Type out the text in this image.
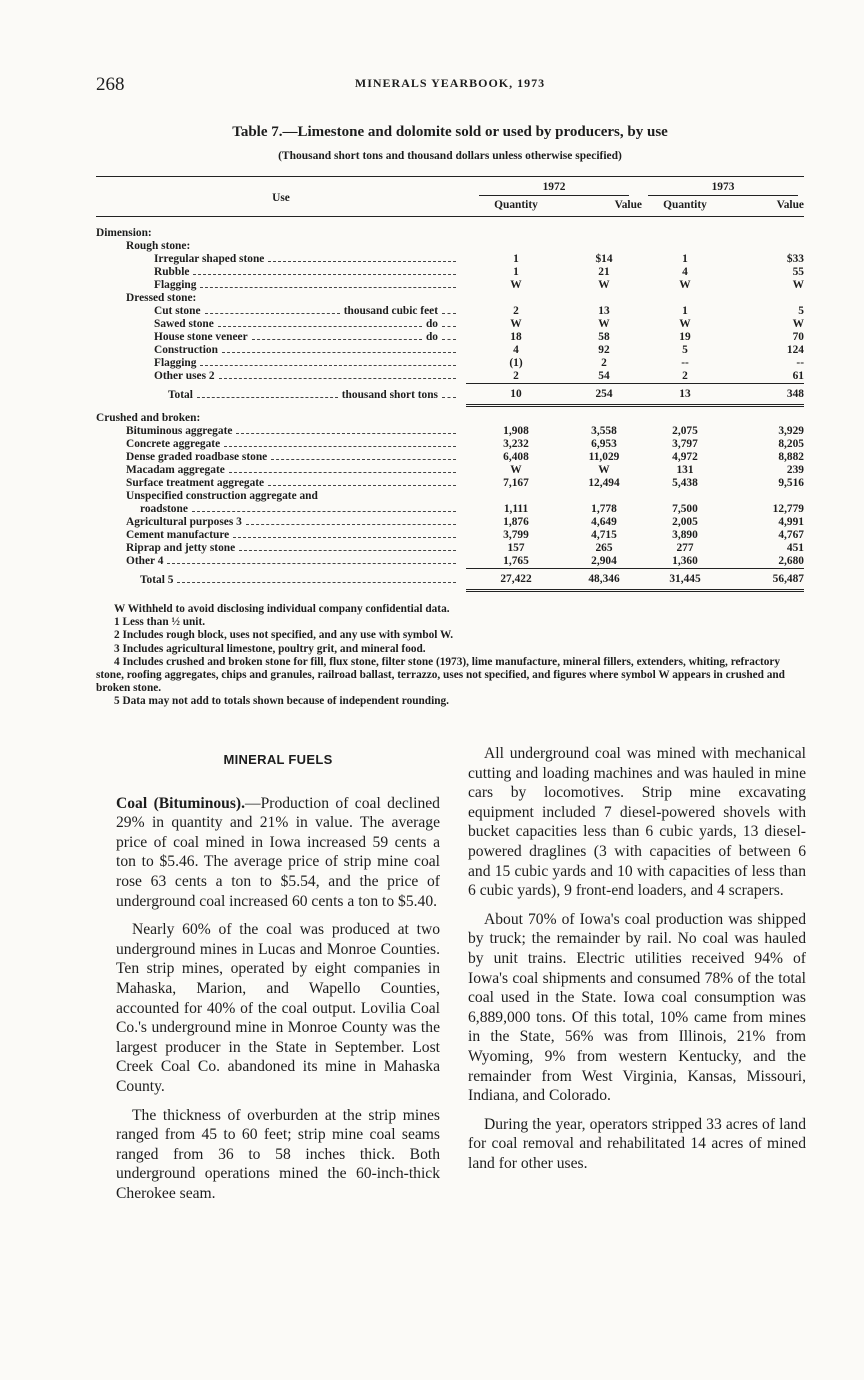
268	MINERALS YEARBOOK, 1973
Table 7.—Limestone and dolomite sold or used by producers, by use
(Thousand short tons and thousand dollars unless otherwise specified)
Use	1972		1973	
	Quantity	Value	Quantity	Value

Dimension:				
Rough stone:				

Irregular shaped stone	1	$14	1	$33

Rubble	1	21	4	55

Flagging	W	W	W	W
Dressed stone:				

Cut stone thousand cubic feet	2	13	1	5

Sawed stone do	W	W	W	W

House stone veneer do	18	58	19	70

Construction	4	92	5	124

Flagging	(1)	2	--	--

Other uses 2	2	54	2	61

Total thousand short tons	10	254	13	348

Crushed and broken:				

Bituminous aggregate	1,908	3,558	2,075	3,929

Concrete aggregate	3,232	6,953	3,797	8,205

Dense graded roadbase stone	6,408	11,029	4,972	8,882

Macadam aggregate	W	W	131	239

Surface treatment aggregate	7,167	12,494	5,438	9,516
Unspecified construction aggregate and				

roadstone	1,111	1,778	7,500	12,779

Agricultural purposes 3	1,876	4,649	2,005	4,991

Cement manufacture	3,799	4,715	3,890	4,767

Riprap and jetty stone	157	265	277	451

Other 4	1,765	2,904	1,360	2,680

Total 5	27,422	48,346	31,445	56,487

W Withheld to avoid disclosing individual company confidential data.

1 Less than ½ unit.

2 Includes rough block, uses not specified, and any use with symbol W.

3 Includes agricultural limestone, poultry grit, and mineral food.

4 Includes crushed and broken stone for fill, flux stone, filter stone (1973), lime manufacture, mineral fillers, extenders, whiting, refractory stone, roofing aggregates, chips and granules, railroad ballast, terrazzo, uses not specified, and figures where symbol W appears in crushed and broken stone.

5 Data may not add to totals shown because of independent rounding.

MINERAL FUELS

Coal (Bituminous).—Production of coal declined 29% in quantity and 21% in value. The average price of coal mined in Iowa increased 59 cents a ton to $5.46. The average price of strip mine coal rose 63 cents a ton to $5.54, and the price of underground coal increased 60 cents a ton to $5.40.

Nearly 60% of the coal was produced at two underground mines in Lucas and Monroe Counties. Ten strip mines, operated by eight companies in Mahaska, Marion, and Wapello Counties, accounted for 40% of the coal output. Lovilia Coal Co.'s underground mine in Monroe County was the largest producer in the State in September. Lost Creek Coal Co. abandoned its mine in Mahaska County.

The thickness of overburden at the strip mines ranged from 45 to 60 feet; strip mine coal seams ranged from 36 to 58 inches thick. Both underground operations mined the 60-inch-thick Cherokee seam.

All underground coal was mined with mechanical cutting and loading machines and was hauled in mine cars by locomotives. Strip mine excavating equipment included 7 diesel-powered shovels with bucket capacities less than 6 cubic yards, 13 diesel-powered draglines (3 with capacities of between 6 and 15 cubic yards and 10 with capacities of less than 6 cubic yards), 9 front-end loaders, and 4 scrapers.

About 70% of Iowa's coal production was shipped by truck; the remainder by rail. No coal was hauled by unit trains. Electric utilities received 94% of Iowa's coal shipments and consumed 78% of the total coal used in the State. Iowa coal consumption was 6,889,000 tons. Of this total, 10% came from mines in the State, 56% was from Illinois, 21% from Wyoming, 9% from western Kentucky, and the remainder from West Virginia, Kansas, Missouri, Indiana, and Colorado.

During the year, operators stripped 33 acres of land for coal removal and rehabilitated 14 acres of mined land for other uses.
